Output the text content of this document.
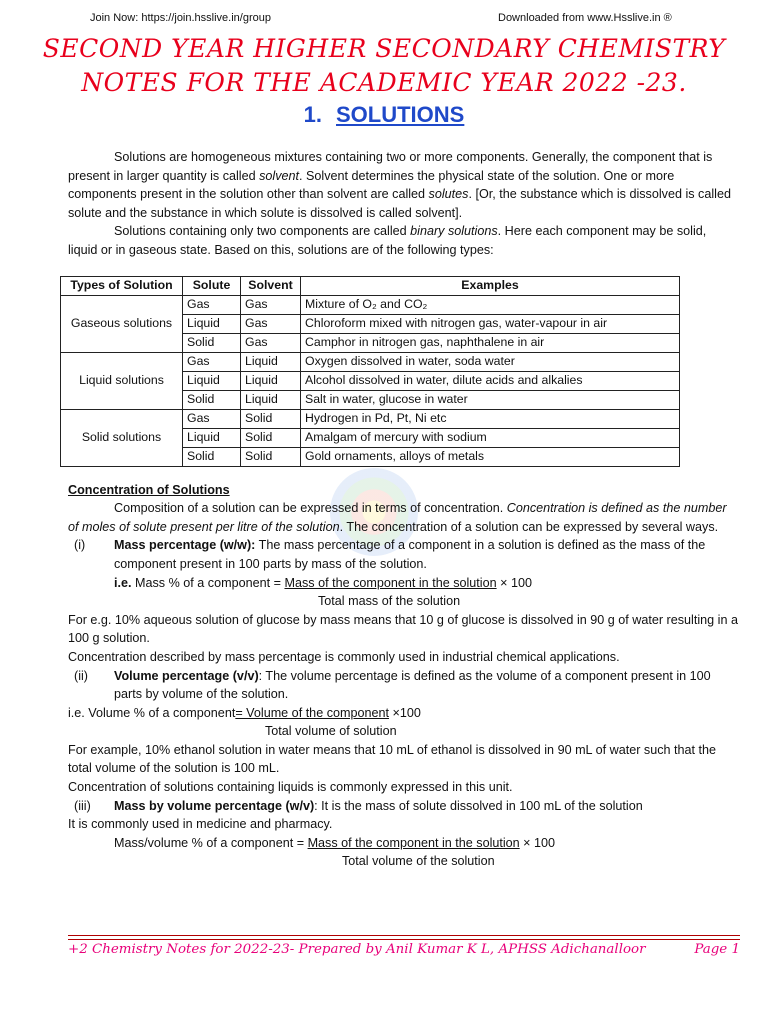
Join Now: https://join.hsslive.in/group	Downloaded from www.Hsslive.in ®
SECOND YEAR HIGHER SECONDARY CHEMISTRY
NOTES FOR THE ACADEMIC YEAR 2022 -23.
1. SOLUTIONS

Solutions are homogeneous mixtures containing two or more components. Generally, the component that is present in larger quantity is called solvent. Solvent determines the physical state of the solution. One or more components present in the solution other than solvent are called solutes. [Or, the substance which is dissolved is called solute and the substance in which solute is dissolved is called solvent].

Solutions containing only two components are called binary solutions. Here each component may be solid, liquid or in gaseous state. Based on this, solutions are of the following types:

Types of Solution	Solute	Solvent	Examples
Gaseous solutions	Gas	Gas	Mixture of O₂ and CO₂
	Liquid	Gas	Chloroform mixed with nitrogen gas, water-vapour in air
	Solid	Gas	Camphor in nitrogen gas, naphthalene in air
Liquid solutions	Gas	Liquid	Oxygen dissolved in water, soda water
	Liquid	Liquid	Alcohol dissolved in water, dilute acids and alkalies
	Solid	Liquid	Salt in water, glucose in water
Solid solutions	Gas	Solid	Hydrogen in Pd, Pt, Ni etc
	Liquid	Solid	Amalgam of mercury with sodium
	Solid	Solid	Gold ornaments, alloys of metals

Concentration of Solutions

Composition of a solution can be expressed in terms of concentration. Concentration is defined as the number of moles of solute present per litre of the solution. The concentration of a solution can be expressed by several ways.

(i) Mass percentage (w/w): The mass percentage of a component in a solution is defined as the mass of the component present in 100 parts by mass of the solution.

i.e. Mass % of a component = Mass of the component in the solution × 100

Total mass of the solution

For e.g. 10% aqueous solution of glucose by mass means that 10 g of glucose is dissolved in 90 g of water resulting in a 100 g solution.

Concentration described by mass percentage is commonly used in industrial chemical applications.

(ii) Volume percentage (v/v): The volume percentage is defined as the volume of a component present in 100 parts by volume of the solution.

i.e. Volume % of a component= Volume of the component ×100

Total volume of solution

For example, 10% ethanol solution in water means that 10 mL of ethanol is dissolved in 90 mL of water such that the total volume of the solution is 100 mL.

Concentration of solutions containing liquids is commonly expressed in this unit.

(iii) Mass by volume percentage (w/v): It is the mass of solute dissolved in 100 mL of the solution

It is commonly used in medicine and pharmacy.

Mass/volume % of a component = Mass of the component in the solution × 100

Total volume of the solution

+2 Chemistry Notes for 2022-23- Prepared by Anil Kumar K L, APHSS Adichanalloor	Page 1
